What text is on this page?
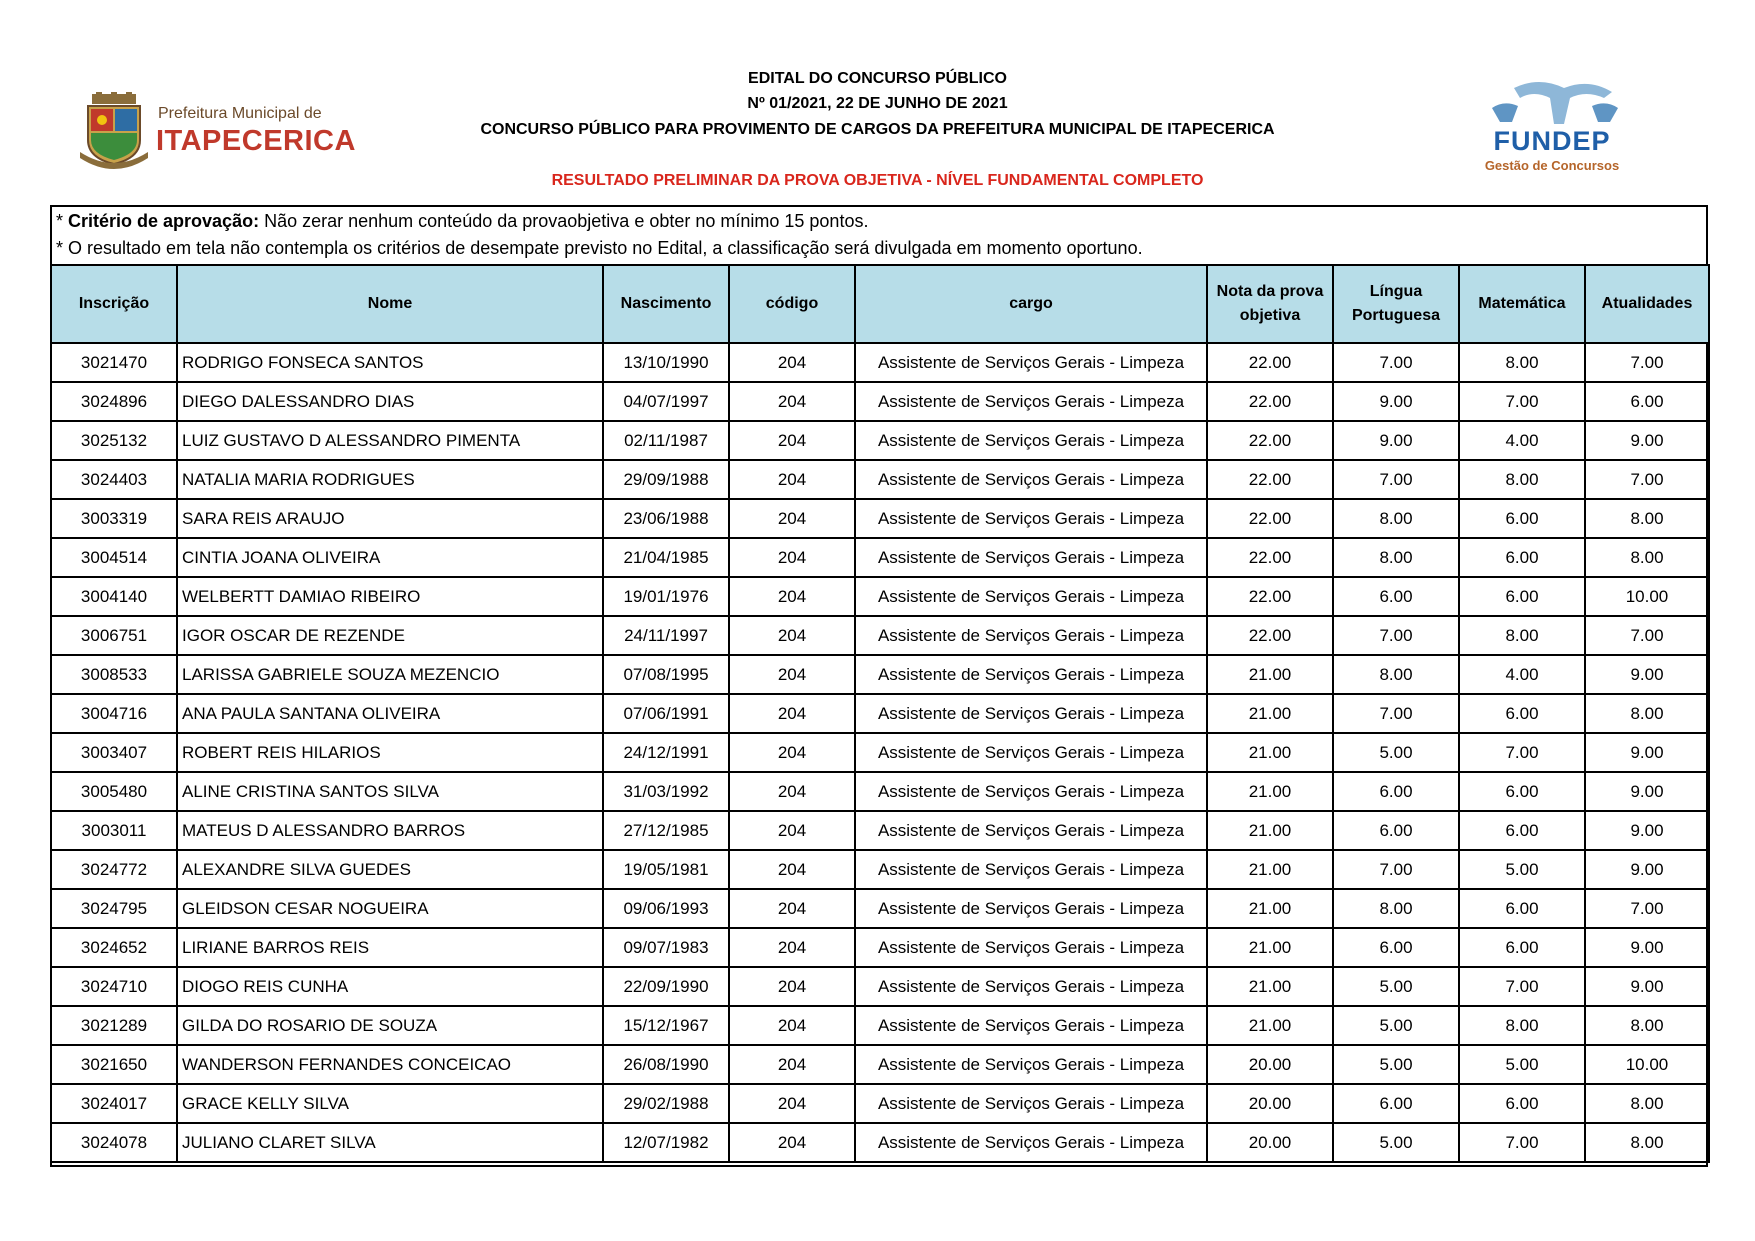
Prefeitura Municipal de
ITAPECERICA	FUNDEP
Gestão de Concursos
EDITAL DO CONCURSO PÚBLICO
Nº 01/2021, 22 DE JUNHO DE 2021
CONCURSO PÚBLICO PARA PROVIMENTO DE CARGOS DA PREFEITURA MUNICIPAL DE ITAPECERICA
RESULTADO PRELIMINAR DA PROVA OBJETIVA - NÍVEL FUNDAMENTAL COMPLETO
* Critério de aprovação: Não zerar nenhum conteúdo da provaobjetiva e obter no mínimo 15 pontos.
* O resultado em tela não contempla os critérios de desempate previsto no Edital, a classificação será divulgada em momento oportuno.
Inscrição	Nome	Nascimento	código	cargo	Nota da prova objetiva	Língua Portuguesa	Matemática	Atualidades
3021470	RODRIGO FONSECA SANTOS	13/10/1990	204	Assistente de Serviços Gerais - Limpeza	22.00	7.00	8.00	7.00
3024896	DIEGO DALESSANDRO DIAS	04/07/1997	204	Assistente de Serviços Gerais - Limpeza	22.00	9.00	7.00	6.00
3025132	LUIZ GUSTAVO D ALESSANDRO PIMENTA	02/11/1987	204	Assistente de Serviços Gerais - Limpeza	22.00	9.00	4.00	9.00
3024403	NATALIA MARIA RODRIGUES	29/09/1988	204	Assistente de Serviços Gerais - Limpeza	22.00	7.00	8.00	7.00
3003319	SARA REIS ARAUJO	23/06/1988	204	Assistente de Serviços Gerais - Limpeza	22.00	8.00	6.00	8.00
3004514	CINTIA JOANA OLIVEIRA	21/04/1985	204	Assistente de Serviços Gerais - Limpeza	22.00	8.00	6.00	8.00
3004140	WELBERTT DAMIAO RIBEIRO	19/01/1976	204	Assistente de Serviços Gerais - Limpeza	22.00	6.00	6.00	10.00
3006751	IGOR OSCAR DE REZENDE	24/11/1997	204	Assistente de Serviços Gerais - Limpeza	22.00	7.00	8.00	7.00
3008533	LARISSA GABRIELE SOUZA MEZENCIO	07/08/1995	204	Assistente de Serviços Gerais - Limpeza	21.00	8.00	4.00	9.00
3004716	ANA PAULA SANTANA OLIVEIRA	07/06/1991	204	Assistente de Serviços Gerais - Limpeza	21.00	7.00	6.00	8.00
3003407	ROBERT REIS HILARIOS	24/12/1991	204	Assistente de Serviços Gerais - Limpeza	21.00	5.00	7.00	9.00
3005480	ALINE CRISTINA SANTOS SILVA	31/03/1992	204	Assistente de Serviços Gerais - Limpeza	21.00	6.00	6.00	9.00
3003011	MATEUS D ALESSANDRO BARROS	27/12/1985	204	Assistente de Serviços Gerais - Limpeza	21.00	6.00	6.00	9.00
3024772	ALEXANDRE SILVA GUEDES	19/05/1981	204	Assistente de Serviços Gerais - Limpeza	21.00	7.00	5.00	9.00
3024795	GLEIDSON CESAR NOGUEIRA	09/06/1993	204	Assistente de Serviços Gerais - Limpeza	21.00	8.00	6.00	7.00
3024652	LIRIANE BARROS REIS	09/07/1983	204	Assistente de Serviços Gerais - Limpeza	21.00	6.00	6.00	9.00
3024710	DIOGO REIS CUNHA	22/09/1990	204	Assistente de Serviços Gerais - Limpeza	21.00	5.00	7.00	9.00
3021289	GILDA DO ROSARIO DE SOUZA	15/12/1967	204	Assistente de Serviços Gerais - Limpeza	21.00	5.00	8.00	8.00
3021650	WANDERSON FERNANDES CONCEICAO	26/08/1990	204	Assistente de Serviços Gerais - Limpeza	20.00	5.00	5.00	10.00
3024017	GRACE KELLY SILVA	29/02/1988	204	Assistente de Serviços Gerais - Limpeza	20.00	6.00	6.00	8.00
3024078	JULIANO CLARET SILVA	12/07/1982	204	Assistente de Serviços Gerais - Limpeza	20.00	5.00	7.00	8.00
